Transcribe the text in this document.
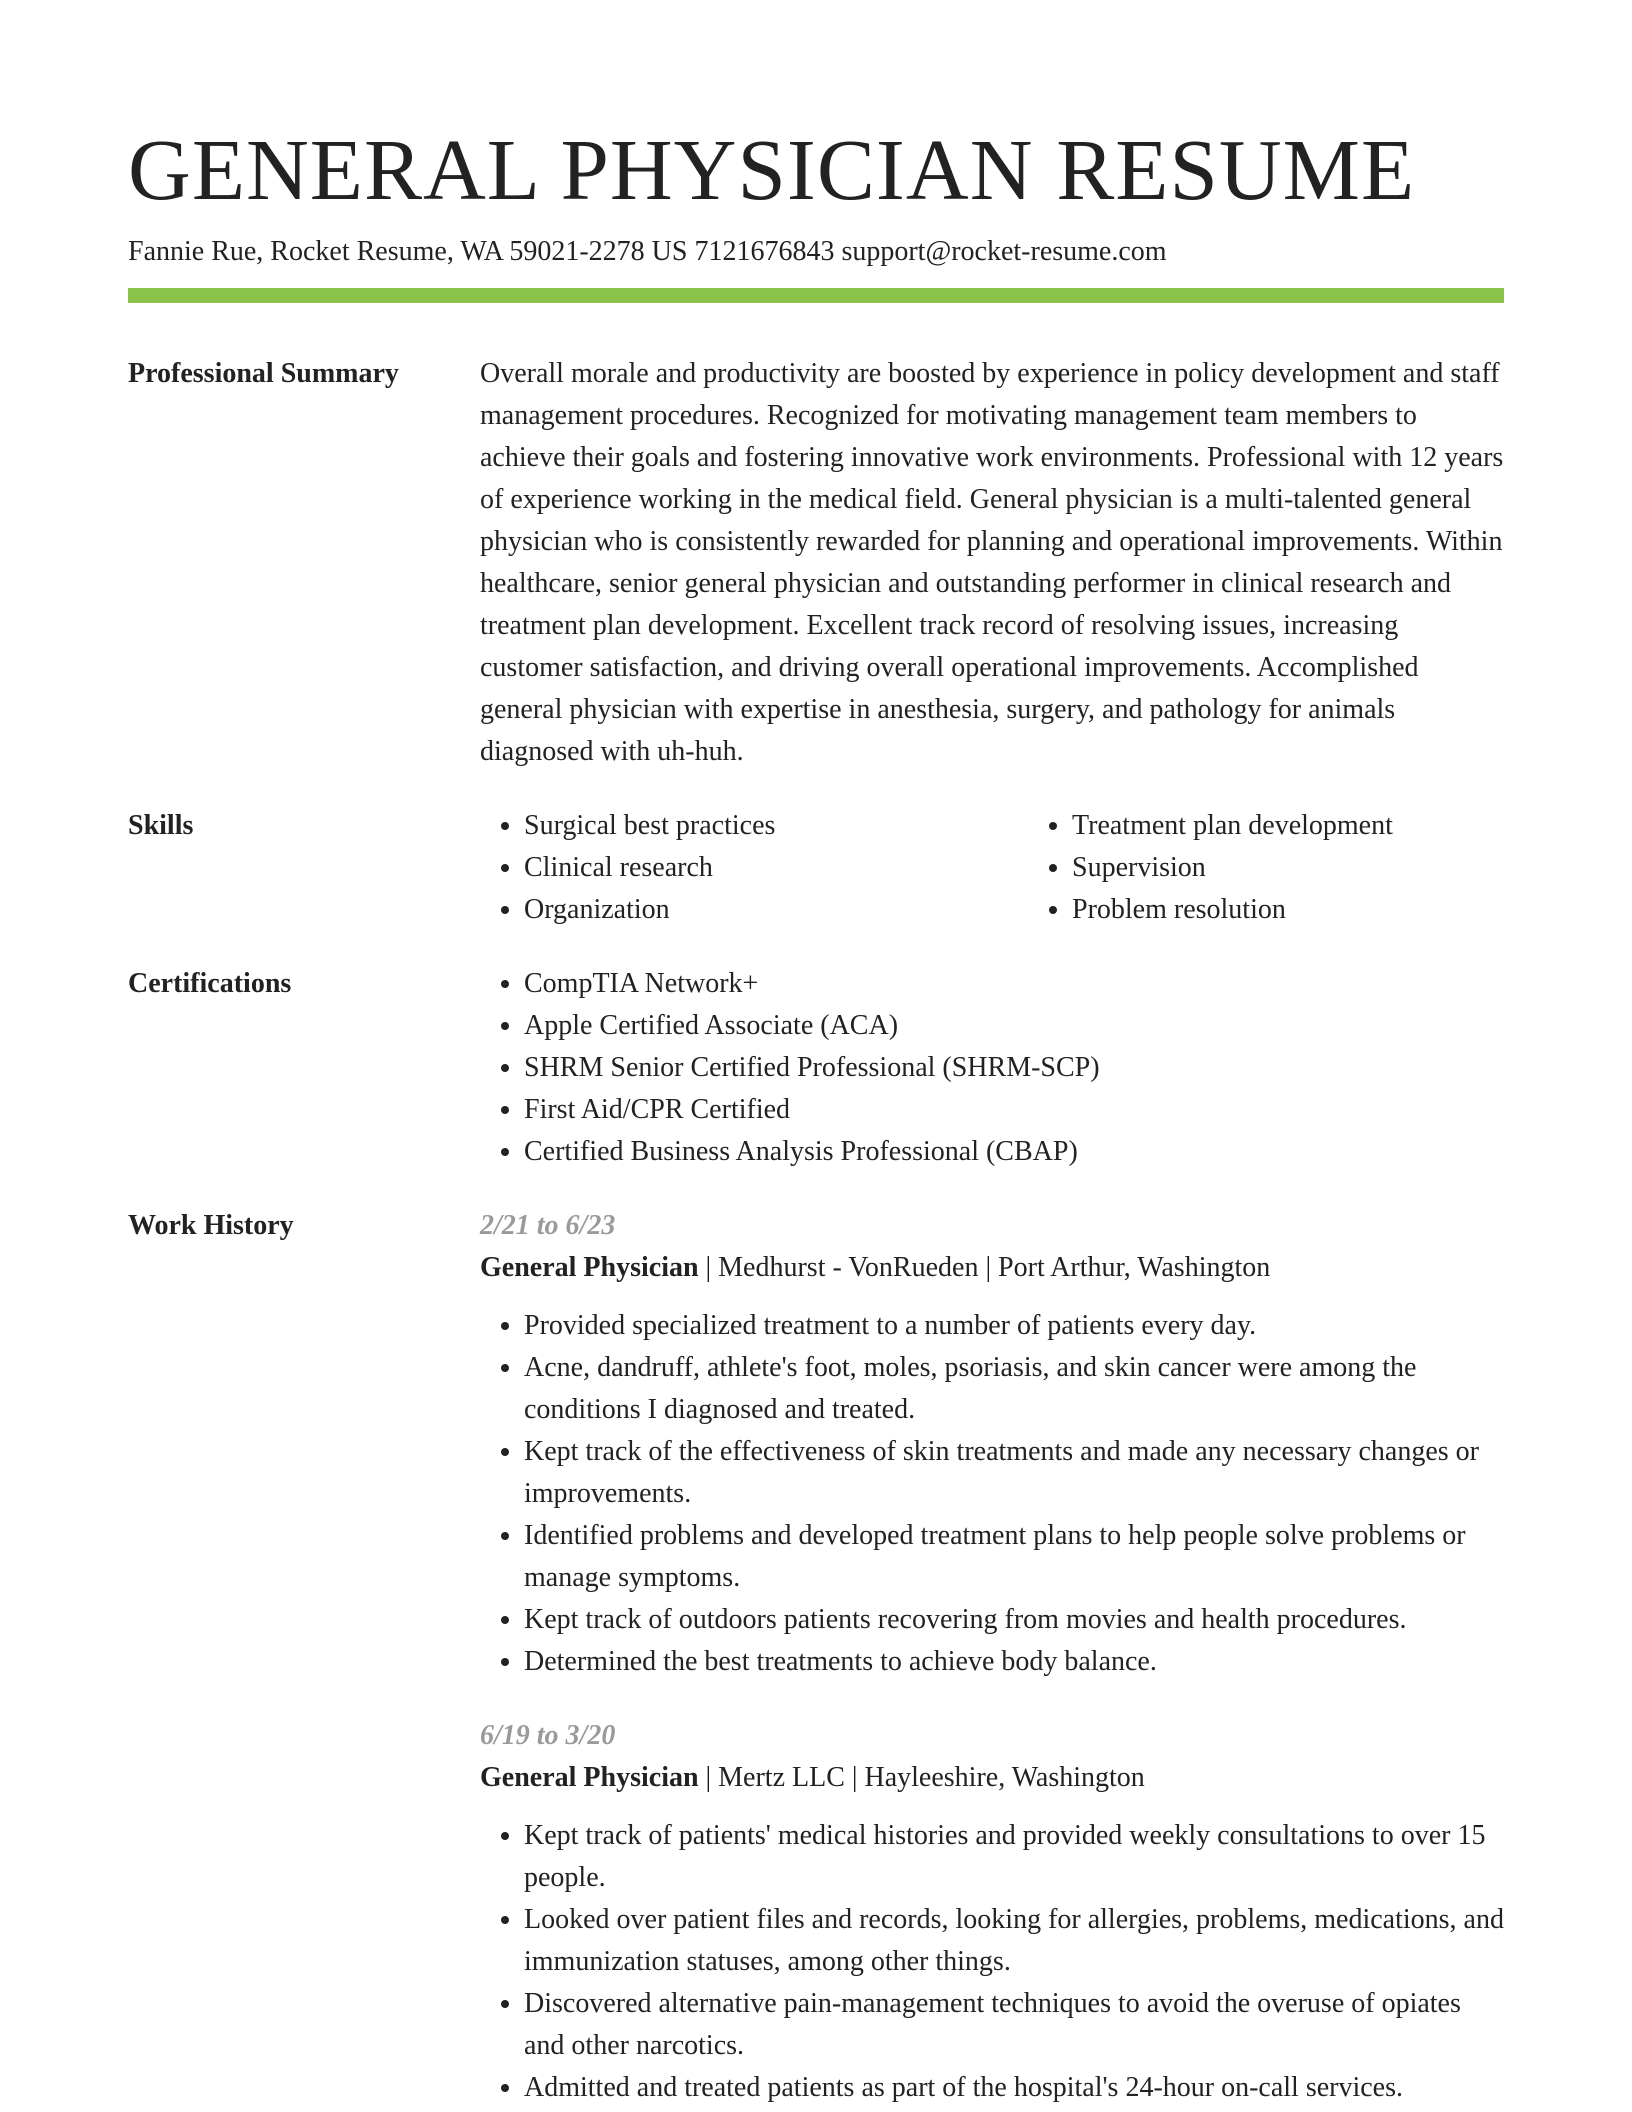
GENERAL PHYSICIAN RESUME
Fannie Rue, Rocket Resume, WA 59021-2278 US 7121676843 support@rocket-resume.com
Professional Summary	Overall morale and productivity are boosted by experience in policy development and staff management procedures. Recognized for motivating management team members to achieve their goals and fostering innovative work environments. Professional with 12 years of experience working in the medical field. General physician is a multi-talented general physician who is consistently rewarded for planning and operational improvements. Within healthcare, senior general physician and outstanding performer in clinical research and treatment plan development. Excellent track record of resolving issues, increasing customer satisfaction, and driving overall operational improvements. Accomplished general physician with expertise in anesthesia, surgery, and pathology for animals diagnosed with uh-huh.
Skills	• Surgical best practices
• Clinical research
• Organization
• Treatment plan development
• Supervision
• Problem resolution
Certifications	• CompTIA Network+
• Apple Certified Associate (ACA)
• SHRM Senior Certified Professional (SHRM-SCP)
• First Aid/CPR Certified
• Certified Business Analysis Professional (CBAP)
Work History	2/21 to 6/23
General Physician | Medhurst - VonRueden | Port Arthur, Washington
• Provided specialized treatment to a number of patients every day.
• Acne, dandruff, athlete's foot, moles, psoriasis, and skin cancer were among the conditions I diagnosed and treated.
• Kept track of the effectiveness of skin treatments and made any necessary changes or improvements.
• Identified problems and developed treatment plans to help people solve problems or manage symptoms.
• Kept track of outdoors patients recovering from movies and health procedures.
• Determined the best treatments to achieve body balance.
6/19 to 3/20
General Physician | Mertz LLC | Hayleeshire, Washington
• Kept track of patients' medical histories and provided weekly consultations to over 15 people.
• Looked over patient files and records, looking for allergies, problems, medications, and immunization statuses, among other things.
• Discovered alternative pain-management techniques to avoid the overuse of opiates and other narcotics.
• Admitted and treated patients as part of the hospital's 24-hour on-call services.
